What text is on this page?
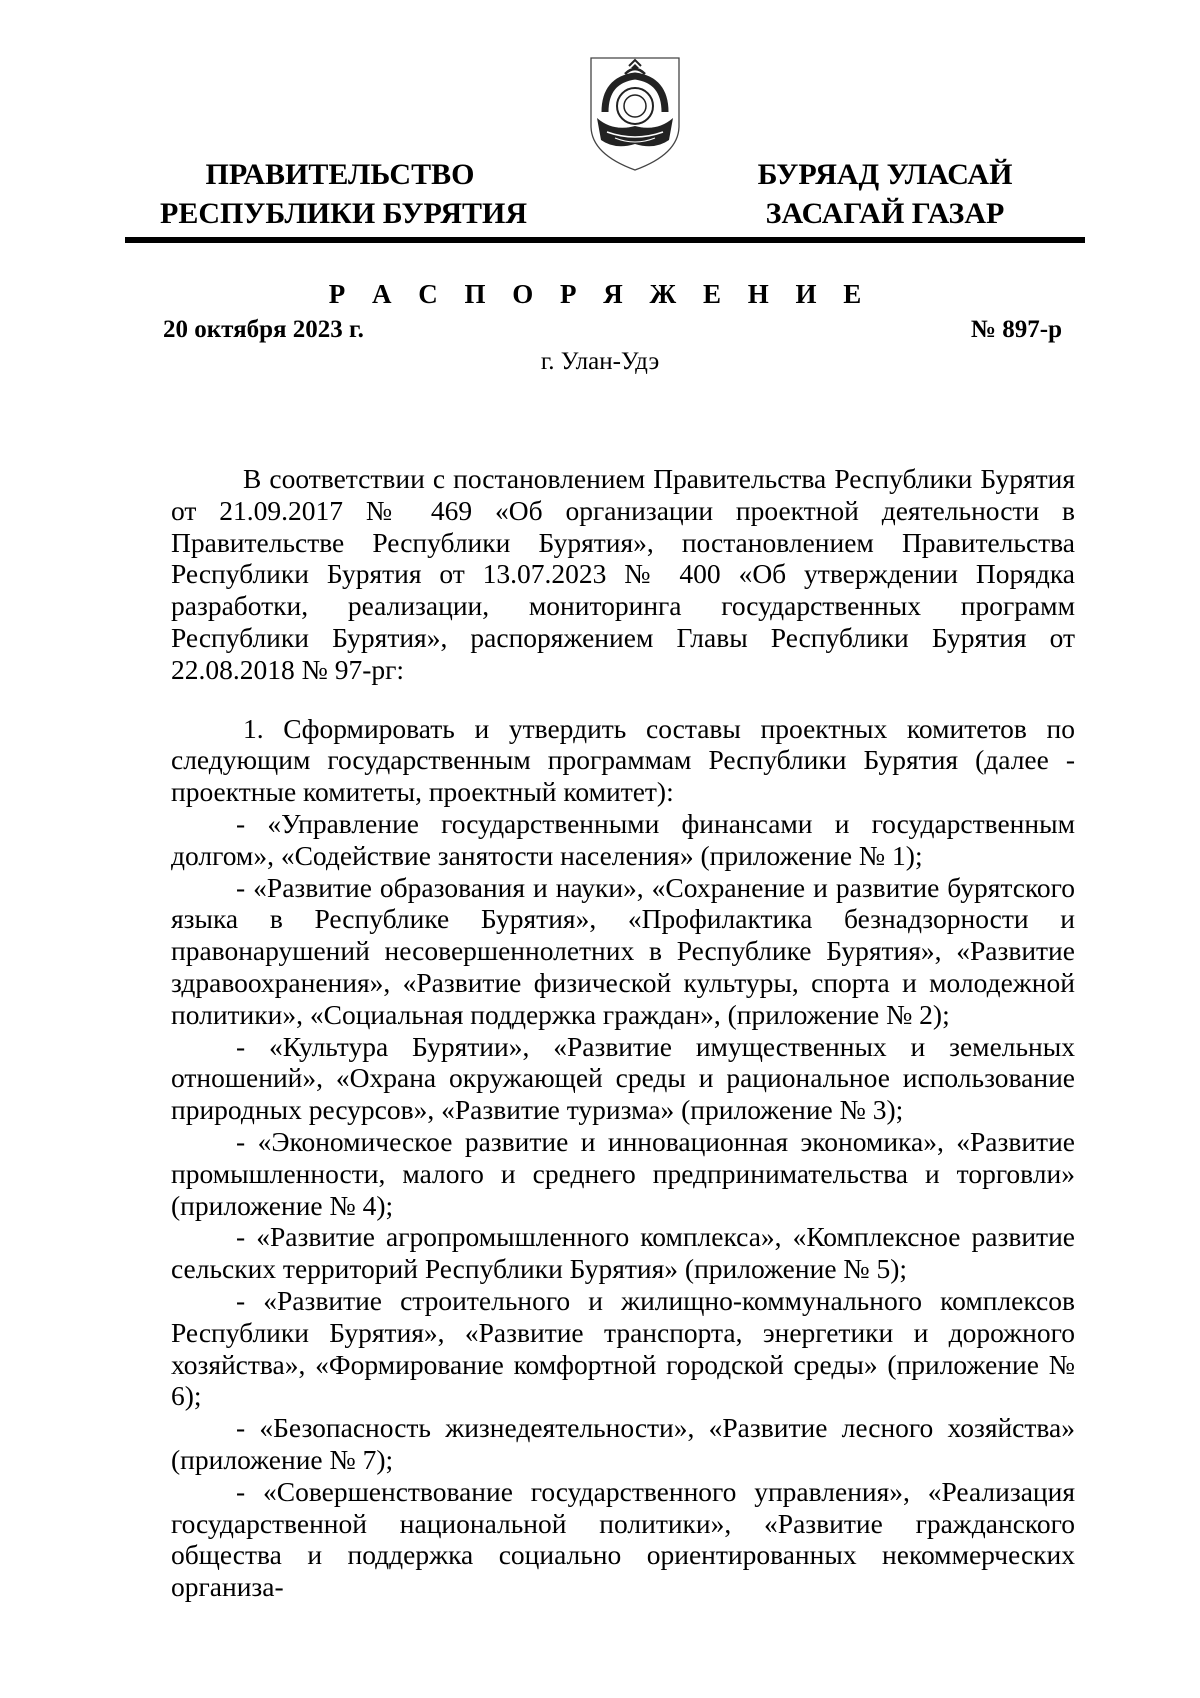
ПРАВИТЕЛЬСТВО
РЕСПУБЛИКИ БУРЯТИЯ
БУРЯАД УЛАСАЙ
ЗАСАГАЙ ГАЗАР
Р А С П О Р Я Ж Е Н И Е
20 октября 2023 г.	№ 897-р
г. Улан-Удэ

В соответствии с постановлением Правительства Республики Бурятия от 21.09.2017 № 469 «Об организации проектной деятельности в Правительстве Республики Бурятия», постановлением Правительства Республики Бурятия от 13.07.2023 № 400 «Об утверждении Порядка разработки, реализации, мониторинга государственных программ Республики Бурятия», распоряжением Главы Республики Бурятия от 22.08.2018 № 97-рг:

1. Сформировать и утвердить составы проектных комитетов по следующим государственным программам Республики Бурятия (далее - проектные комитеты, проектный комитет):

- «Управление государственными финансами и государственным долгом», «Содействие занятости населения» (приложение № 1);

- «Развитие образования и науки», «Сохранение и развитие бурятского языка в Республике Бурятия», «Профилактика безнадзорности и правонарушений несовершеннолетних в Республике Бурятия», «Развитие здравоохранения», «Развитие физической культуры, спорта и молодежной политики», «Социальная поддержка граждан», (приложение № 2);

- «Культура Бурятии», «Развитие имущественных и земельных отношений», «Охрана окружающей среды и рациональное использование природных ресурсов», «Развитие туризма» (приложение № 3);

- «Экономическое развитие и инновационная экономика», «Развитие промышленности, малого и среднего предпринимательства и торговли» (приложение № 4);

- «Развитие агропромышленного комплекса», «Комплексное развитие сельских территорий Республики Бурятия» (приложение № 5);

- «Развитие строительного и жилищно-коммунального комплексов Республики Бурятия», «Развитие транспорта, энергетики и дорожного хозяйства», «Формирование комфортной городской среды» (приложение № 6);

- «Безопасность жизнедеятельности», «Развитие лесного хозяйства» (приложение № 7);

- «Совершенствование государственного управления», «Реализация государственной национальной политики», «Развитие гражданского общества и поддержка социально ориентированных некоммерческих организа-
